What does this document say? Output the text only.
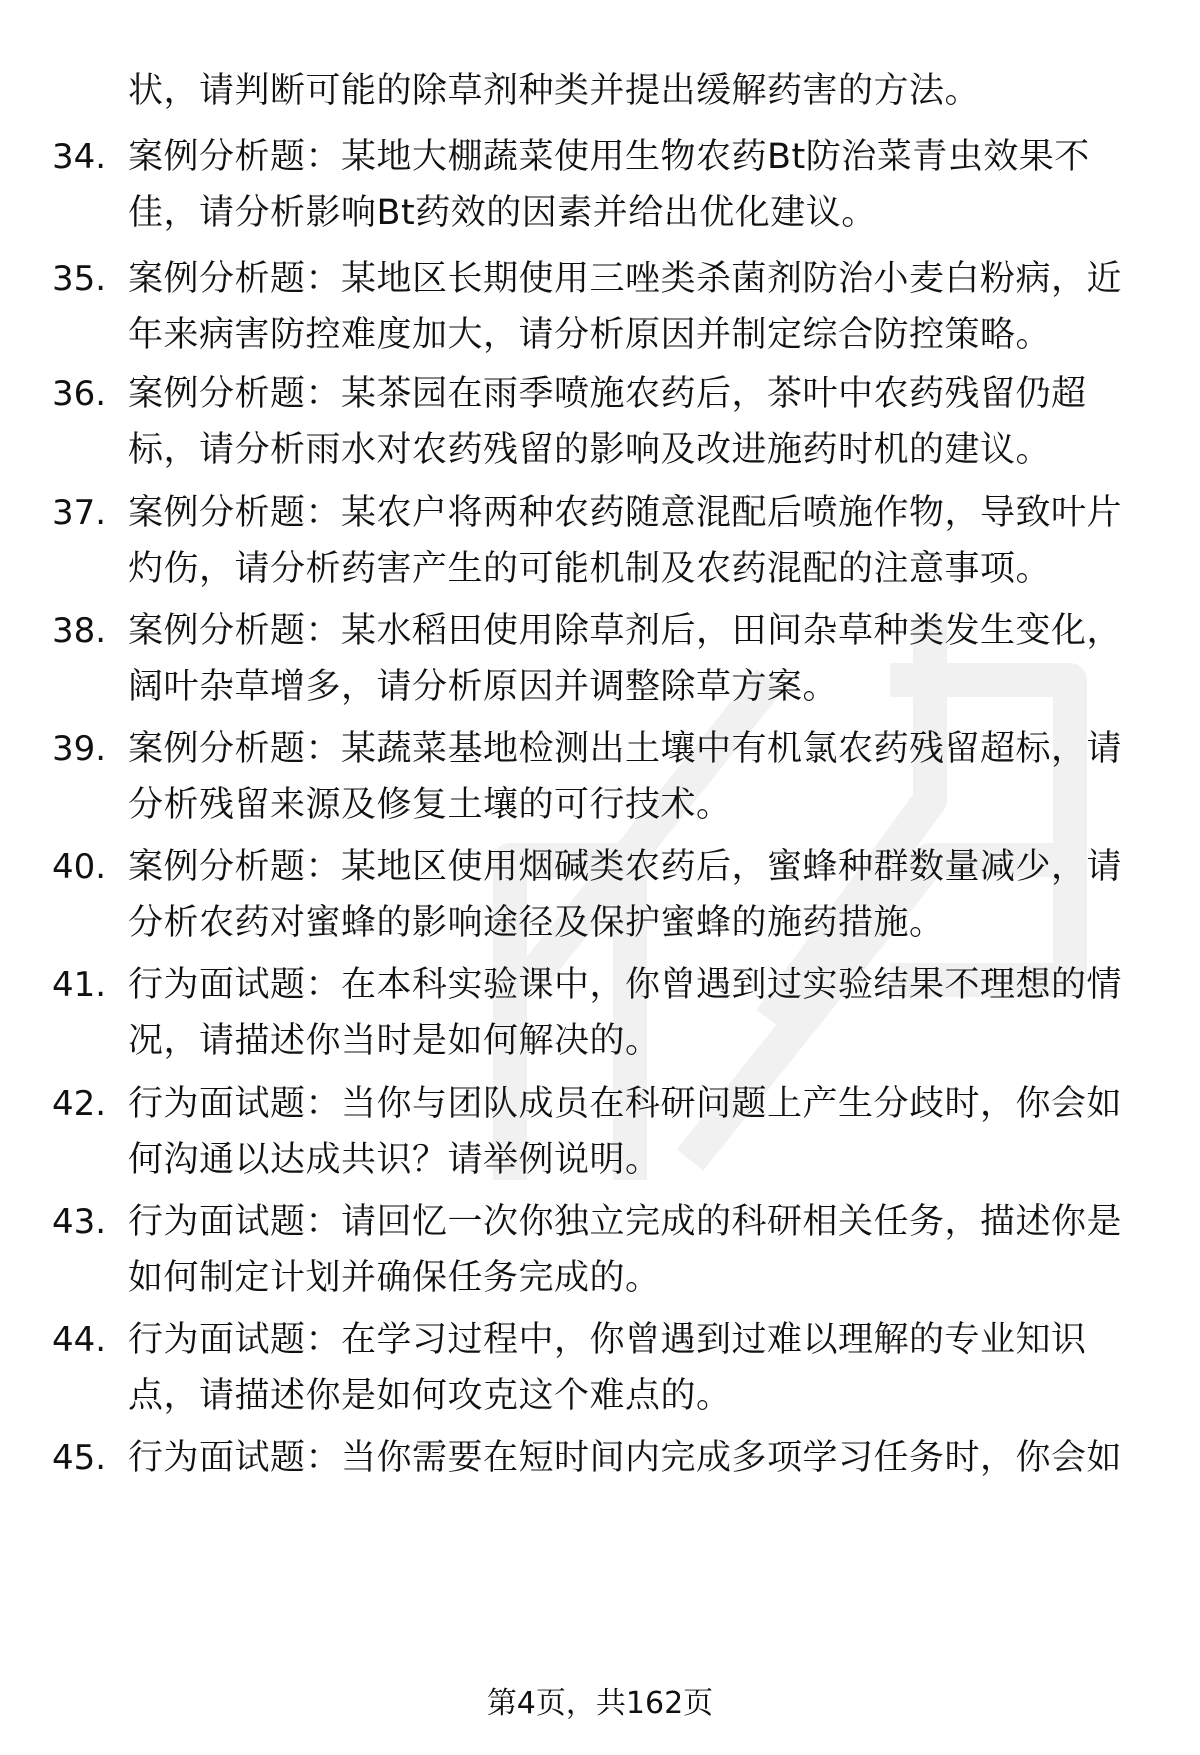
状，请判断可能的除草剂种类并提出缓解药害的方法。
34. 案例分析题：某地大棚蔬菜使用生物农药Bt防治菜青虫效果不佳，请分析影响Bt药效的因素并给出优化建议。
35. 案例分析题：某地区长期使用三唑类杀菌剂防治小麦白粉病，近年来病害防控难度加大，请分析原因并制定综合防控策略。
36. 案例分析题：某茶园在雨季喷施农药后，茶叶中农药残留仍超标，请分析雨水对农药残留的影响及改进施药时机的建议。
37. 案例分析题：某农户将两种农药随意混配后喷施作物，导致叶片灼伤，请分析药害产生的可能机制及农药混配的注意事项。
38. 案例分析题：某水稻田使用除草剂后，田间杂草种类发生变化，阔叶杂草增多，请分析原因并调整除草方案。
39. 案例分析题：某蔬菜基地检测出土壤中有机氯农药残留超标，请分析残留来源及修复土壤的可行技术。
40. 案例分析题：某地区使用烟碱类农药后，蜜蜂种群数量减少，请分析农药对蜜蜂的影响途径及保护蜜蜂的施药措施。
41. 行为面试题：在本科实验课中，你曾遇到过实验结果不理想的情况，请描述你当时是如何解决的。
42. 行为面试题：当你与团队成员在科研问题上产生分歧时，你会如何沟通以达成共识？请举例说明。
43. 行为面试题：请回忆一次你独立完成的科研相关任务，描述你是如何制定计划并确保任务完成的。
44. 行为面试题：在学习过程中，你曾遇到过难以理解的专业知识点，请描述你是如何攻克这个难点的。
45. 行为面试题：当你需要在短时间内完成多项学习任务时，你会如
第4页，共162页
